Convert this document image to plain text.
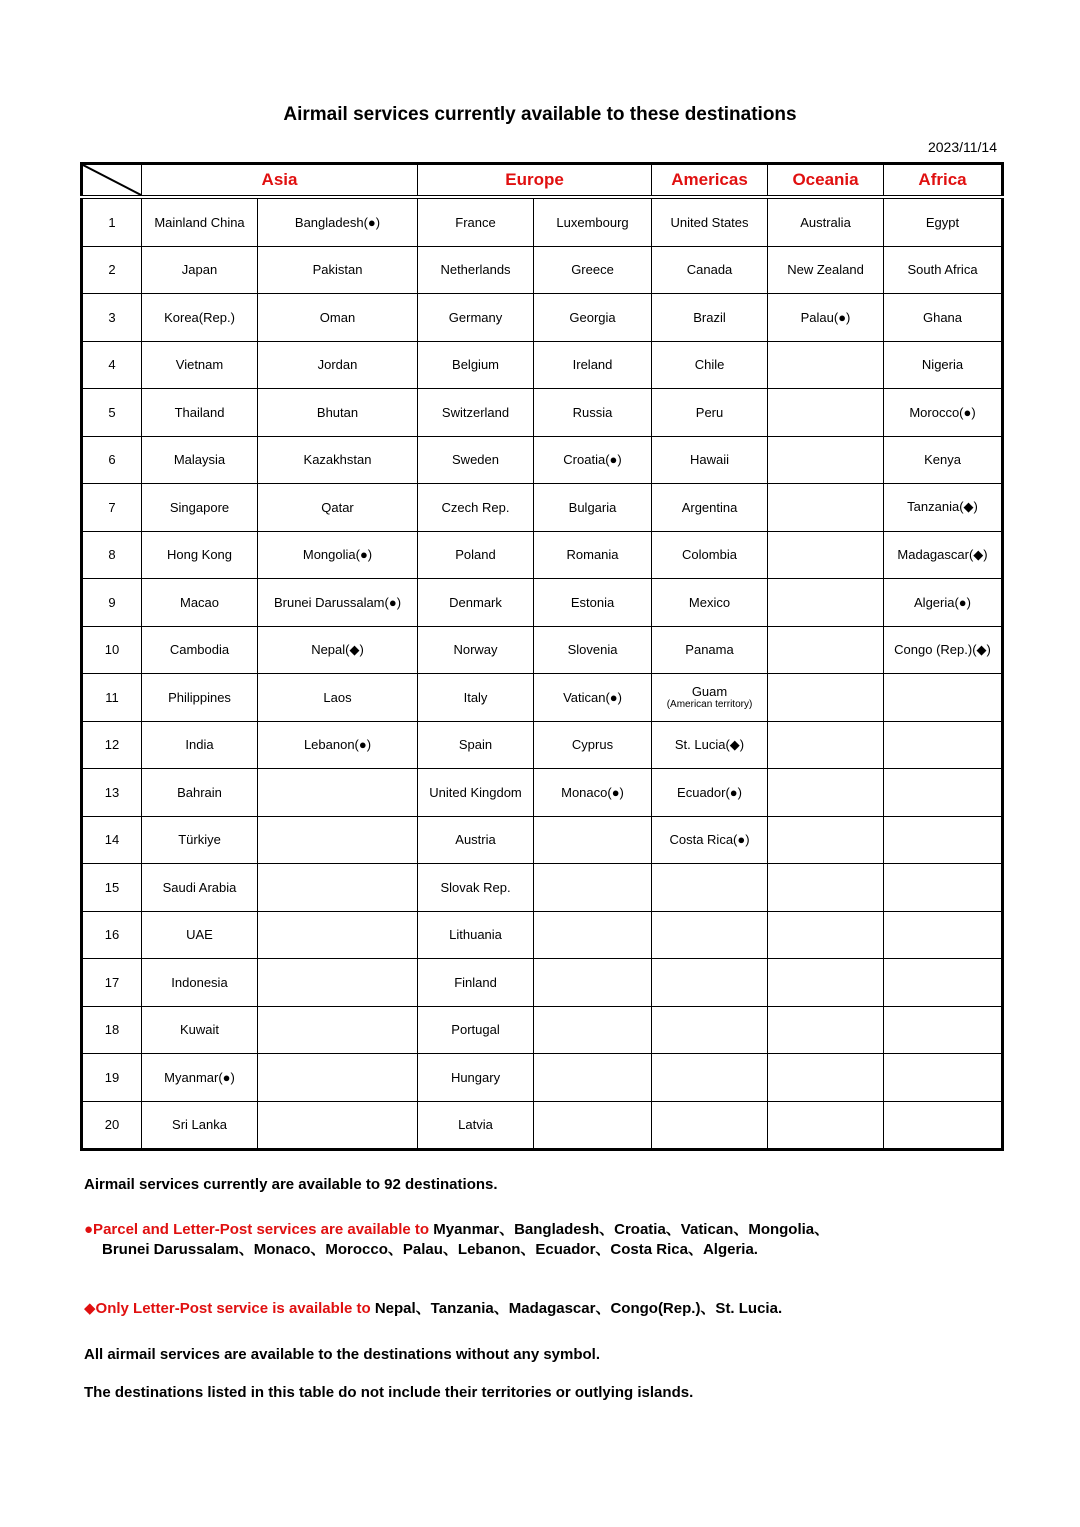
Airmail services currently available to these destinations
2023/11/14
	Asia		Europe		Americas	Oceania	Africa
1	Mainland China	Bangladesh(●)	France	Luxembourg	United States	Australia	Egypt
2	Japan	Pakistan	Netherlands	Greece	Canada	New Zealand	South Africa
3	Korea(Rep.)	Oman	Germany	Georgia	Brazil	Palau(●)	Ghana
4	Vietnam	Jordan	Belgium	Ireland	Chile		Nigeria
5	Thailand	Bhutan	Switzerland	Russia	Peru		Morocco(●)
6	Malaysia	Kazakhstan	Sweden	Croatia(●)	Hawaii		Kenya
7	Singapore	Qatar	Czech Rep.	Bulgaria	Argentina		Tanzania(◆)
8	Hong Kong	Mongolia(●)	Poland	Romania	Colombia		Madagascar(◆)
9	Macao	Brunei Darussalam(●)	Denmark	Estonia	Mexico		Algeria(●)
10	Cambodia	Nepal(◆)	Norway	Slovenia	Panama		Congo (Rep.)(◆)
11	Philippines	Laos	Italy	Vatican(●)	Guam
(American territory)		

12	India	Lebanon(●)	Spain	Cyprus	St. Lucia(◆)		
13	Bahrain		United Kingdom	Monaco(●)	Ecuador(●)		
14	Türkiye		Austria		Costa Rica(●)		
15	Saudi Arabia		Slovak Rep.				
16	UAE		Lithuania				
17	Indonesia		Finland				
18	Kuwait		Portugal				
19	Myanmar(●)		Hungary				
20	Sri Lanka		Latvia				
Airmail services currently are available to 92 destinations.
●Parcel and Letter-Post services are available to Myanmar、Bangladesh、Croatia、Vatican、Mongolia、
Brunei Darussalam、Monaco、Morocco、Palau、Lebanon、Ecuador、Costa Rica、Algeria.
◆Only Letter-Post service is available to Nepal、Tanzania、Madagascar、Congo(Rep.)、St. Lucia.
All airmail services are available to the destinations without any symbol.
The destinations listed in this table do not include their territories or outlying islands.
